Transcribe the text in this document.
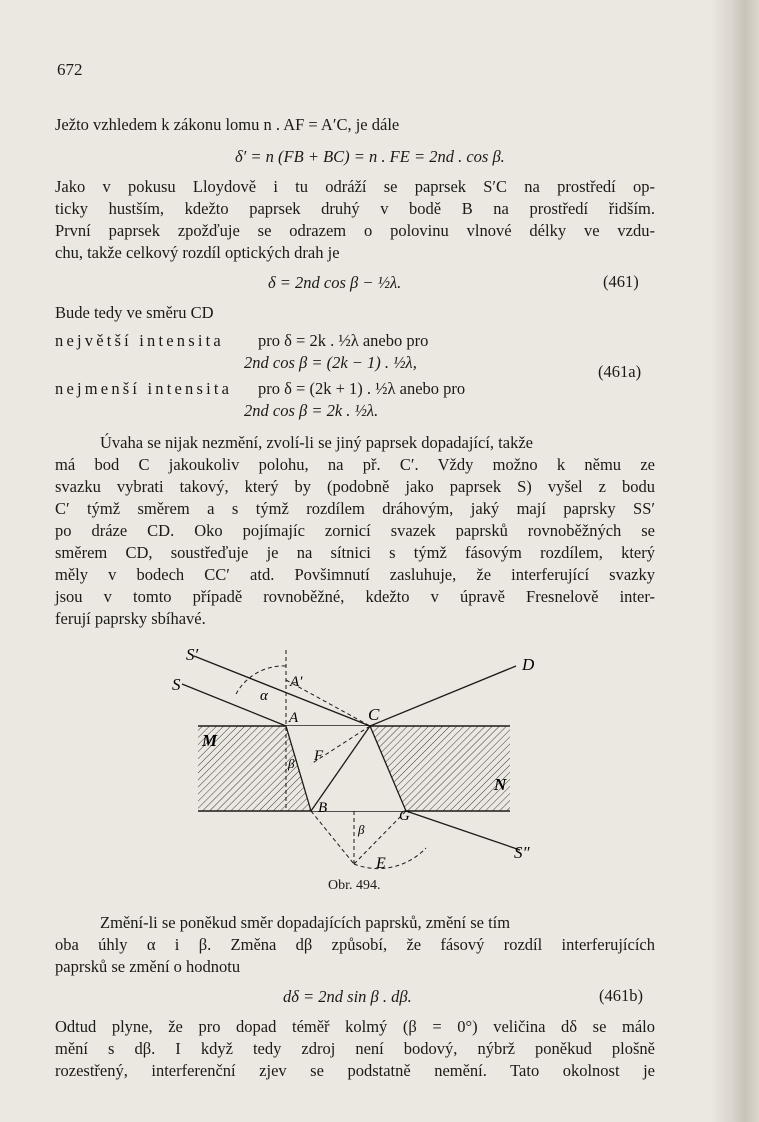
672
Ježto vzhledem k zákonu lomu n . AF = A′C, je dále
δ′ = n (FB + BC) = n . FE = 2nd . cos β.
Jako v pokusu Lloydově i tu odráží se paprsek S′C na prostředí op-
ticky hustším, kdežto paprsek druhý v bodě B na prostředí řidším.
První paprsek zpožďuje se odrazem o polovinu vlnové délky ve vzdu-
chu, takže celkový rozdíl optických drah je
δ = 2nd cos β − ½λ.	(461)
Bude tedy ve směru CD
největší intensita pro δ = 2k . ½λ anebo pro
2nd cos β = (2k − 1) . ½λ,
nejmenší intensita pro δ = (2k + 1) . ½λ anebo pro
2nd cos β = 2k . ½λ.
(461a)
Úvaha se nijak nezmění, zvolí-li se jiný paprsek dopadající, takže
má bod C jakoukoliv polohu, na př. C′. Vždy možno k němu ze
svazku vybrati takový, který by (podobně jako paprsek S) vyšel z bodu
C′ týmž směrem a s týmž rozdílem dráhovým, jaký mají paprsky SS′
po dráze CD. Oko pojímajíc zornicí svazek paprsků rovnoběžných se
směrem CD, soustřeďuje je na sítnici s týmž fásovým rozdílem, který
měly v bodech CC′ atd. Povšimnutí zasluhuje, že interferující svazky
jsou v tomto případě rovnoběžné, kdežto v úpravě Fresnelově inter-
ferují paprsky sbíhavé.
S′
S	A′
α
A	C
D
M
N
F
β
B	G
β
E
S″
Obr. 494.
Změní-li se poněkud směr dopadajících paprsků, změní se tím
oba úhly α i β. Změna dβ způsobí, že fásový rozdíl interferujících
paprsků se změní o hodnotu
dδ = 2nd sin β . dβ.	(461b)
Odtud plyne, že pro dopad téměř kolmý (β = 0°) veličina dδ se málo
mění s dβ. I když tedy zdroj není bodový, nýbrž poněkud plošně
rozestřený, interferenční zjev se podstatně nemění. Tato okolnost je
